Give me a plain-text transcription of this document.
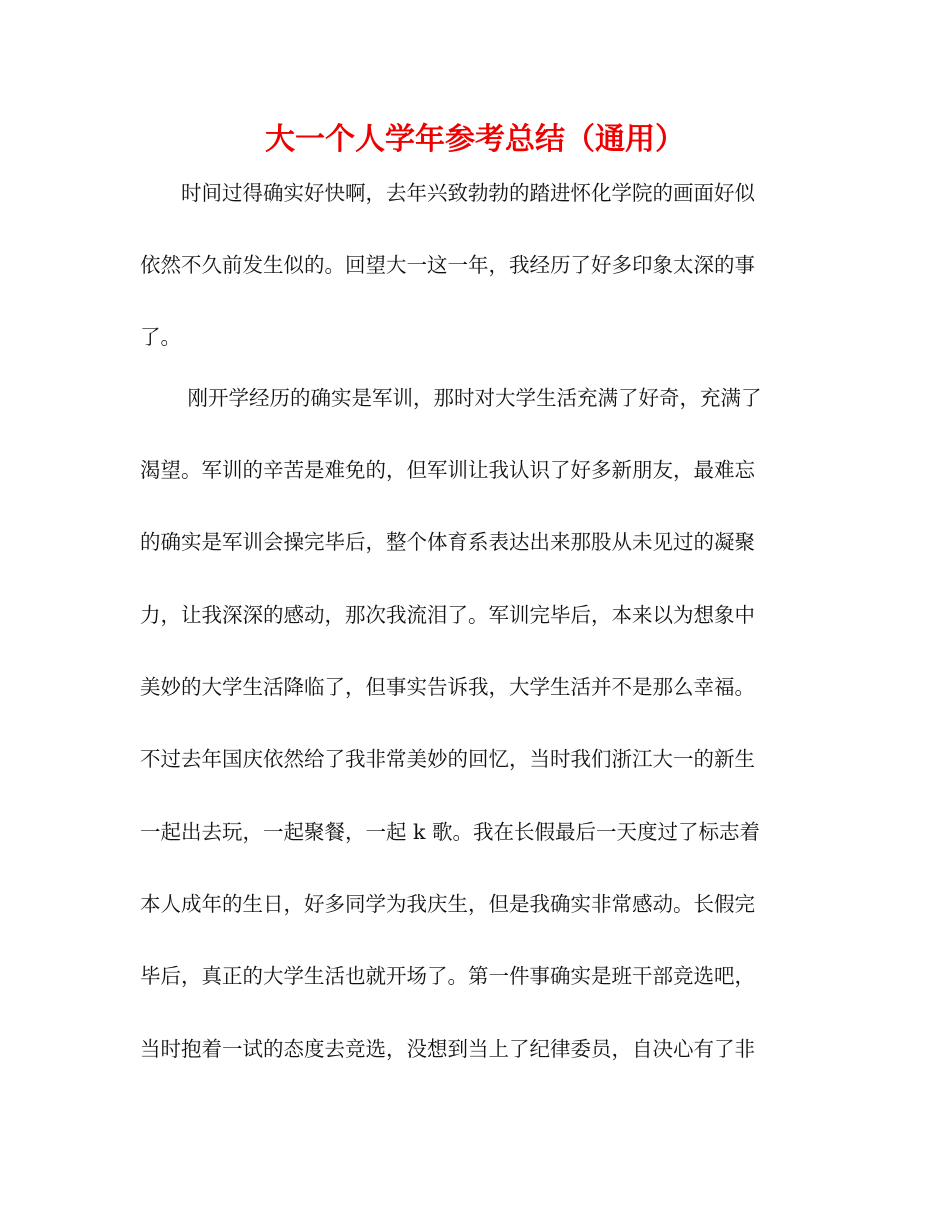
大一个人学年参考总结（通用）

　　时间过得确实好快啊，去年兴致勃勃的踏进怀化学院的画面好似

依然不久前发生似的。回望大一这一年，我经历了好多印象太深的事

了。

　　 刚开学经历的确实是军训，那时对大学生活充满了好奇，充满了

渴望。军训的辛苦是难免的，但军训让我认识了好多新朋友，最难忘

的确实是军训会操完毕后，整个体育系表达出来那股从未见过的凝聚

力，让我深深的感动，那次我流泪了。军训完毕后，本来以为想象中

美妙的大学生活降临了，但事实告诉我，大学生活并不是那么幸福。

不过去年国庆依然给了我非常美妙的回忆，当时我们浙江大一的新生

一起出去玩，一起聚餐，一起 k 歌。我在长假最后一天度过了标志着

本人成年的生日，好多同学为我庆生，但是我确实非常感动。长假完

毕后，真正的大学生活也就开场了。第一件事确实是班干部竞选吧，

当时抱着一试的态度去竞选，没想到当上了纪律委员，自决心有了非
